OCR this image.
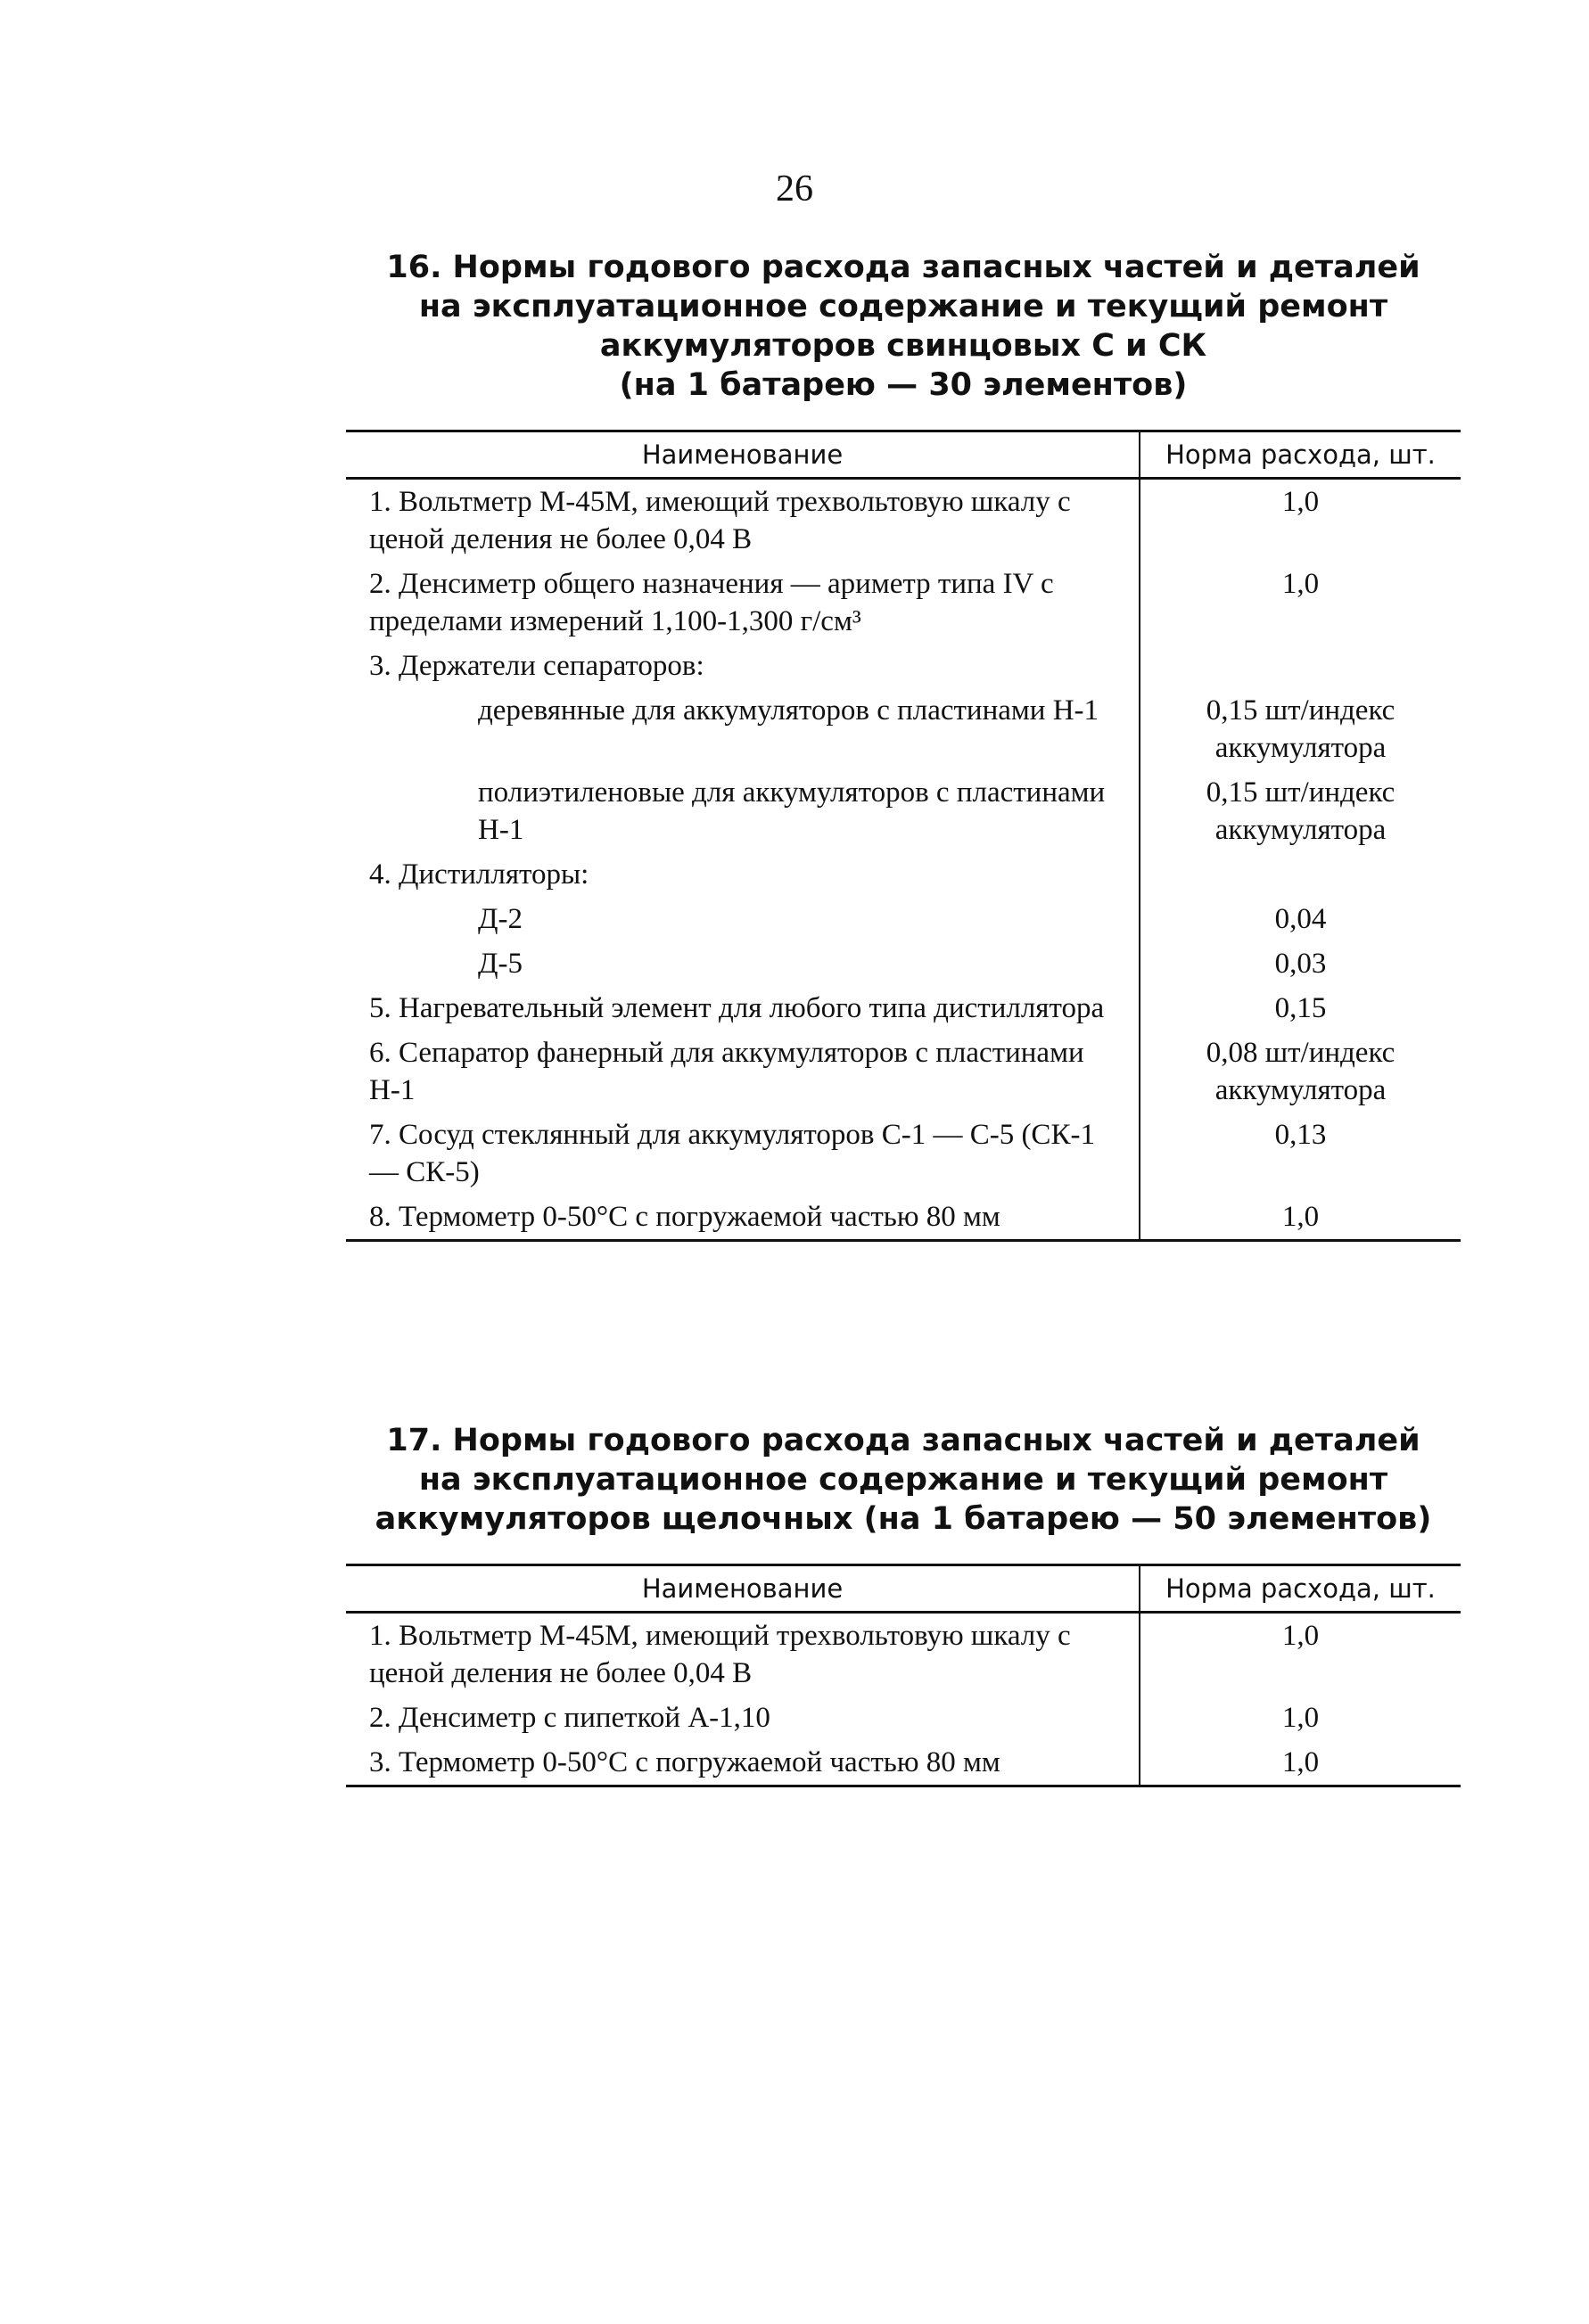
26
16. Нормы годового расхода запасных частей и деталей
на эксплуатационное содержание и текущий ремонт
аккумуляторов свинцовых С и СК
(на 1 батарею — 30 элементов)
Наименование	Норма расхода, шт.
1. Вольтметр М-45М, имеющий трехвольтовую шкалу с ценой деления не более 0,04 В	1,0
2. Денсиметр общего назначения — ариметр типа IV с пределами измерений 1,100-1,300 г/см³	1,0
3. Держатели сепараторов:	
деревянные для аккумуляторов с пластинами Н-1	0,15 шт/индекс аккумулятора
полиэтиленовые для аккумуляторов с пластинами Н-1	0,15 шт/индекс аккумулятора
4. Дистилляторы:	
Д-2	0,04
Д-5	0,03
5. Нагревательный элемент для любого типа дистиллятора	0,15
6. Сепаратор фанерный для аккумуляторов с пластинами Н-1	0,08 шт/индекс аккумулятора
7. Сосуд стеклянный для аккумуляторов С-1 — С-5 (СК-1 — СК-5)	0,13
8. Термометр 0-50°С с погружаемой частью 80 мм	1,0
17. Нормы годового расхода запасных частей и деталей
на эксплуатационное содержание и текущий ремонт
аккумуляторов щелочных (на 1 батарею — 50 элементов)
Наименование	Норма расхода, шт.
1. Вольтметр М-45М, имеющий трехвольтовую шкалу с ценой деления не более 0,04 В	1,0
2. Денсиметр с пипеткой А-1,10	1,0
3. Термометр 0-50°С с погружаемой частью 80 мм	1,0
